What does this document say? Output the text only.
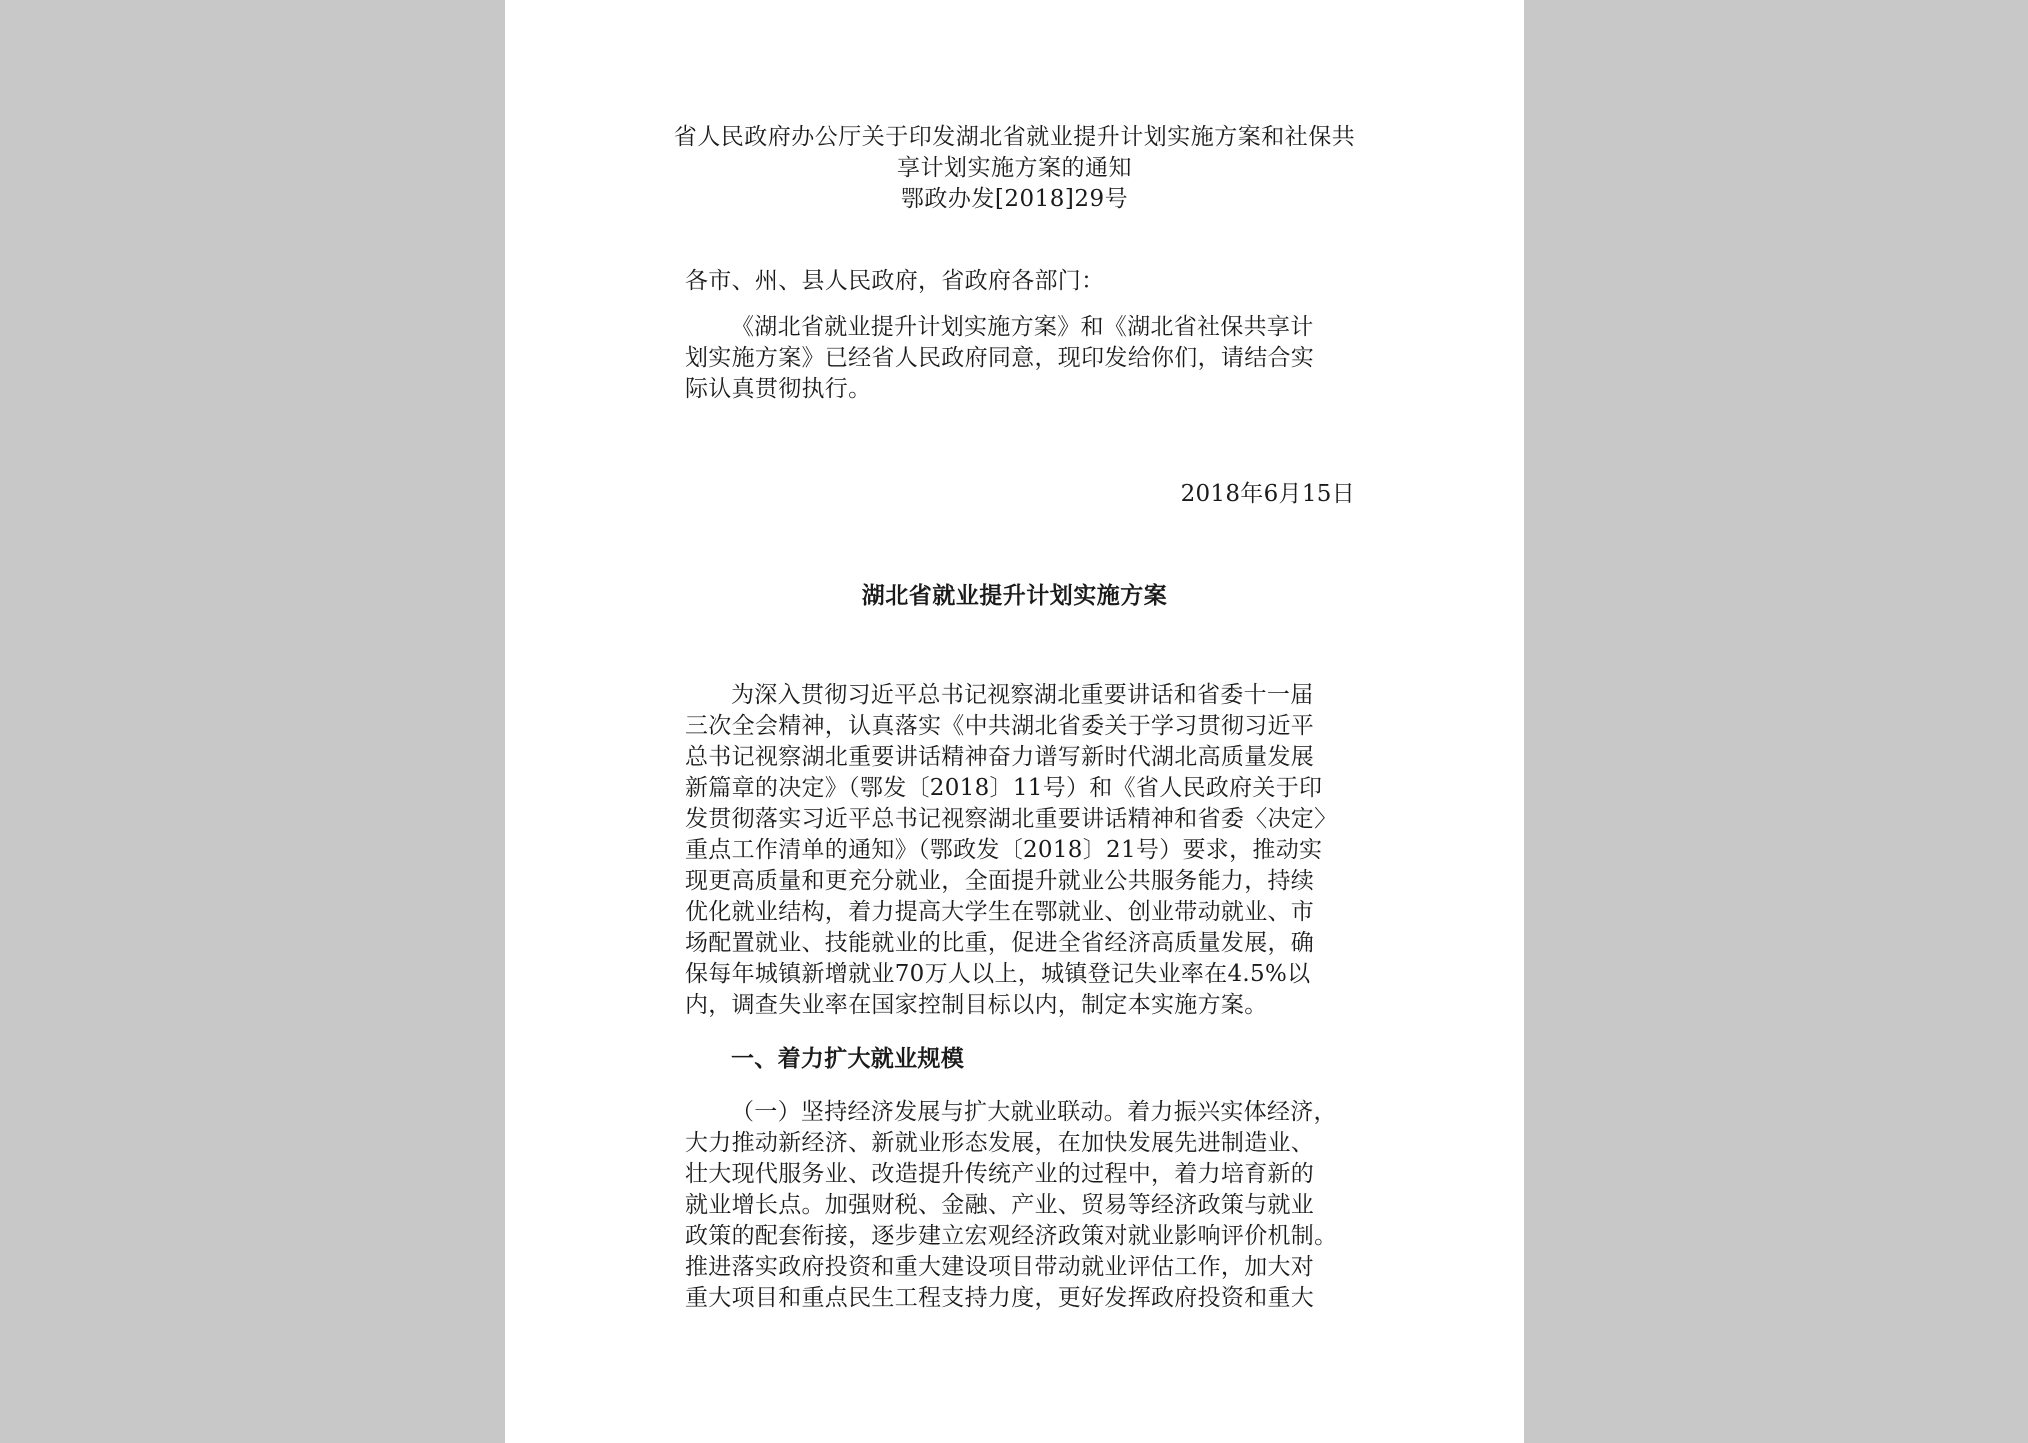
省人民政府办公厅关于印发湖北省就业提升计划实施方案和社保共
享计划实施方案的通知
鄂政办发[2018]29号
各市、州、县人民政府，省政府各部门：
《湖北省就业提升计划实施方案》和《湖北省社保共享计
划实施方案》已经省人民政府同意，现印发给你们，请结合实
际认真贯彻执行。
2018年6月15日
湖北省就业提升计划实施方案
为深入贯彻习近平总书记视察湖北重要讲话和省委十一届
三次全会精神，认真落实《中共湖北省委关于学习贯彻习近平
总书记视察湖北重要讲话精神奋力谱写新时代湖北高质量发展
新篇章的决定》（鄂发〔2018〕11号）和《省人民政府关于印
发贯彻落实习近平总书记视察湖北重要讲话精神和省委〈决定〉
重点工作清单的通知》（鄂政发〔2018〕21号）要求，推动实
现更高质量和更充分就业，全面提升就业公共服务能力，持续
优化就业结构，着力提高大学生在鄂就业、创业带动就业、市
场配置就业、技能就业的比重，促进全省经济高质量发展，确
保每年城镇新增就业70万人以上，城镇登记失业率在4.5%以
内，调查失业率在国家控制目标以内，制定本实施方案。
一、着力扩大就业规模
（一）坚持经济发展与扩大就业联动。着力振兴实体经济，
大力推动新经济、新就业形态发展，在加快发展先进制造业、
壮大现代服务业、改造提升传统产业的过程中，着力培育新的
就业增长点。加强财税、金融、产业、贸易等经济政策与就业
政策的配套衔接，逐步建立宏观经济政策对就业影响评价机制。
推进落实政府投资和重大建设项目带动就业评估工作，加大对
重大项目和重点民生工程支持力度，更好发挥政府投资和重大
